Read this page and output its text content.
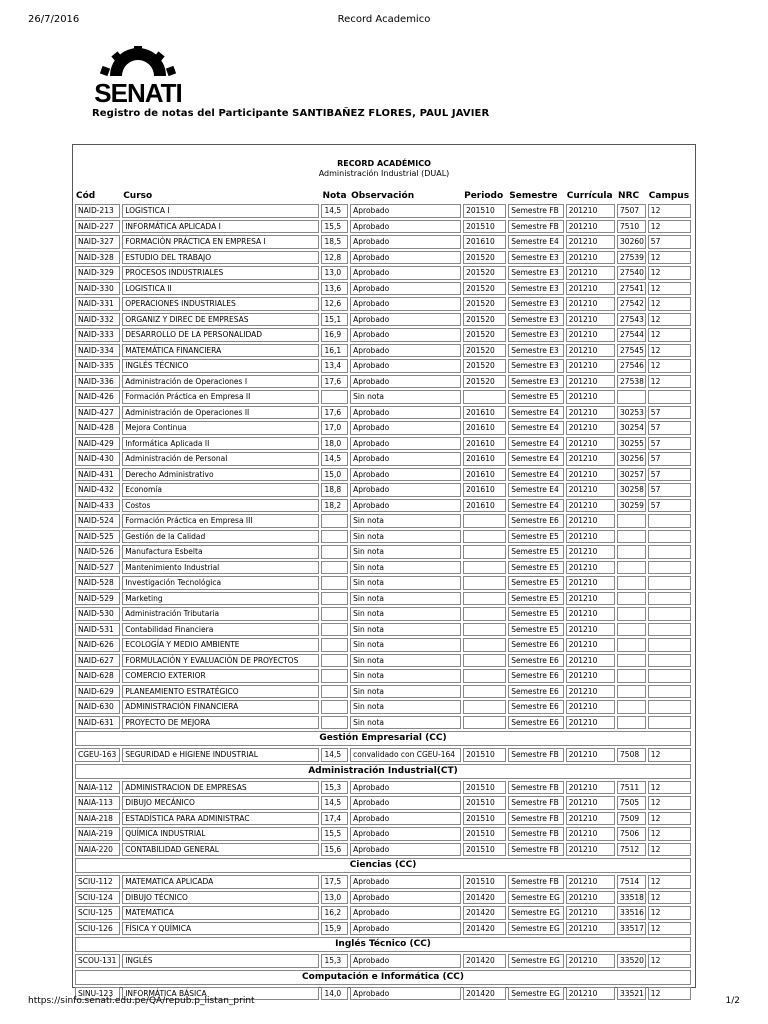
26/7/2016	Record Academico
SENATI
Registro de notas del Participante SANTIBAÑEZ FLORES, PAUL JAVIER
RECORD ACADÉMICO
Administración Industrial (DUAL)
Cód	Curso	Nota	Observación	Periodo	Semestre	Currícula	NRC	Campus
NAID-213	LOGISTICA I	14,5	Aprobado	201510	Semestre FB	201210	7507	12
NAID-227	INFORMÁTICA APLICADA I	15,5	Aprobado	201510	Semestre FB	201210	7510	12
NAID-327	FORMACIÓN PRÁCTICA EN EMPRESA I	18,5	Aprobado	201610	Semestre E4	201210	30260	57
NAID-328	ESTUDIO DEL TRABAJO	12,8	Aprobado	201520	Semestre E3	201210	27539	12
NAID-329	PROCESOS INDUSTRIALES	13,0	Aprobado	201520	Semestre E3	201210	27540	12
NAID-330	LOGISTICA II	13,6	Aprobado	201520	Semestre E3	201210	27541	12
NAID-331	OPERACIONES INDUSTRIALES	12,6	Aprobado	201520	Semestre E3	201210	27542	12
NAID-332	ORGANIZ Y DIREC DE EMPRESAS	15,1	Aprobado	201520	Semestre E3	201210	27543	12
NAID-333	DESARROLLO DE LA PERSONALIDAD	16,9	Aprobado	201520	Semestre E3	201210	27544	12
NAID-334	MATEMÁTICA FINANCIERA	16,1	Aprobado	201520	Semestre E3	201210	27545	12
NAID-335	INGLÉS TÉCNICO	13,4	Aprobado	201520	Semestre E3	201210	27546	12
NAID-336	Administración de Operaciones I	17,6	Aprobado	201520	Semestre E3	201210	27538	12
NAID-426	Formación Práctica en Empresa II		Sin nota		Semestre E5	201210		
NAID-427	Administración de Operaciones II	17,6	Aprobado	201610	Semestre E4	201210	30253	57
NAID-428	Mejora Continua	17,0	Aprobado	201610	Semestre E4	201210	30254	57
NAID-429	Informática Aplicada II	18,0	Aprobado	201610	Semestre E4	201210	30255	57
NAID-430	Administración de Personal	14,5	Aprobado	201610	Semestre E4	201210	30256	57
NAID-431	Derecho Administrativo	15,0	Aprobado	201610	Semestre E4	201210	30257	57
NAID-432	Economía	18,8	Aprobado	201610	Semestre E4	201210	30258	57
NAID-433	Costos	18,2	Aprobado	201610	Semestre E4	201210	30259	57
NAID-524	Formación Práctica en Empresa III		Sin nota		Semestre E6	201210		
NAID-525	Gestión de la Calidad		Sin nota		Semestre E5	201210		
NAID-526	Manufactura Esbelta		Sin nota		Semestre E5	201210		
NAID-527	Mantenimiento Industrial		Sin nota		Semestre E5	201210		
NAID-528	Investigación Tecnológica		Sin nota		Semestre E5	201210		
NAID-529	Marketing		Sin nota		Semestre E5	201210		
NAID-530	Administración Tributaria		Sin nota		Semestre E5	201210		
NAID-531	Contabilidad Financiera		Sin nota		Semestre E5	201210		
NAID-626	ECOLOGÍA Y MEDIO AMBIENTE		Sin nota		Semestre E6	201210		
NAID-627	FORMULACIÓN Y EVALUACIÓN DE PROYECTOS		Sin nota		Semestre E6	201210		
NAID-628	COMERCIO EXTERIOR		Sin nota		Semestre E6	201210		
NAID-629	PLANEAMIENTO ESTRATÉGICO		Sin nota		Semestre E6	201210		
NAID-630	ADMINISTRACIÓN FINANCIERA		Sin nota		Semestre E6	201210		
NAID-631	PROYECTO DE MEJORA		Sin nota		Semestre E6	201210		
Gestión Empresarial (CC)								
CGEU-163	SEGURIDAD e HIGIENE INDUSTRIAL	14,5	convalidado con CGEU-164	201510	Semestre FB	201210	7508	12
Administración Industrial(CT)								
NAIA-112	ADMINISTRACION DE EMPRESAS	15,3	Aprobado	201510	Semestre FB	201210	7511	12
NAIA-113	DIBUJO MECÁNICO	14,5	Aprobado	201510	Semestre FB	201210	7505	12
NAIA-218	ESTADÍSTICA PARA ADMINISTRAC	17,4	Aprobado	201510	Semestre FB	201210	7509	12
NAIA-219	QUÍMICA INDUSTRIAL	15,5	Aprobado	201510	Semestre FB	201210	7506	12
NAIA-220	CONTABILIDAD GENERAL	15,6	Aprobado	201510	Semestre FB	201210	7512	12
Ciencias (CC)								
SCIU-112	MATEMATICA APLICADA	17,5	Aprobado	201510	Semestre FB	201210	7514	12
SCIU-124	DIBUJO TÉCNICO	13,0	Aprobado	201420	Semestre EG	201210	33518	12
SCIU-125	MATEMATICA	16,2	Aprobado	201420	Semestre EG	201210	33516	12
SCIU-126	FÍSICA Y QUÍMICA	15,9	Aprobado	201420	Semestre EG	201210	33517	12
Inglés Técnico (CC)								
SCOU-131	INGLÉS	15,3	Aprobado	201420	Semestre EG	201210	33520	12
Computación e Informática (CC)								
SINU-123	INFORMÁTICA BÁSICA	14,0	Aprobado	201420	Semestre EG	201210	33521	12
https://sinfo.senati.edu.pe/QA/repub.p_listan_print	1/2
